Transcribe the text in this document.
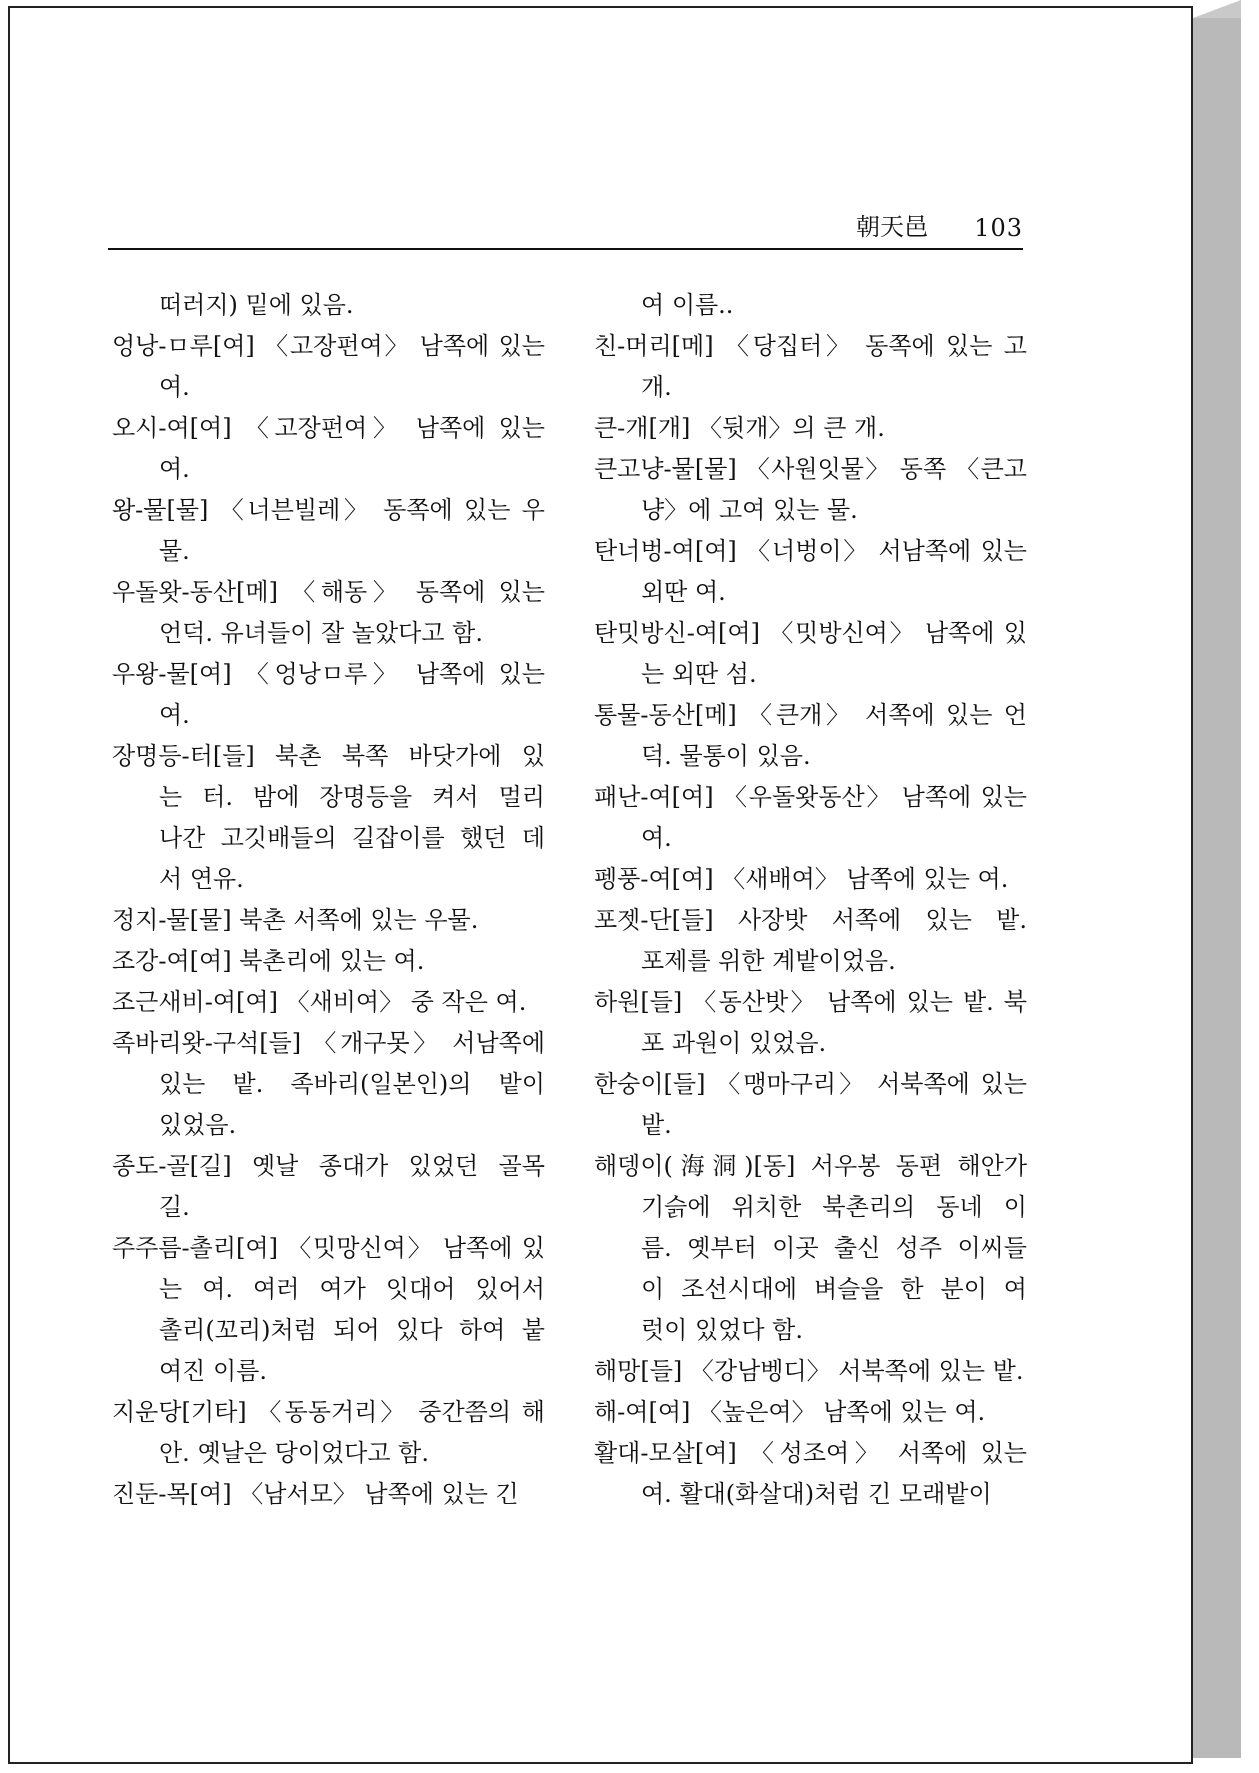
朝天邑 103
떠러지) 밑에 있음.
엉낭-ㅁ루[여] 〈고장펀여〉 남쪽에 있는
여.
오시-여[여] 〈고장펀여〉 남쪽에 있는
여.
왕-물[물] 〈너븐빌레〉 동쪽에 있는 우
물.
우돌왓-동산[메] 〈해동〉 동쪽에 있는
언덕. 유녀들이 잘 놀았다고 함.
우왕-물[여] 〈엉낭ㅁ루〉 남쪽에 있는
여.
장명등-터[들] 북촌 북쪽 바닷가에 있
는 터. 밤에 장명등을 켜서 멀리
나간 고깃배들의 길잡이를 했던 데
서 연유.
정지-물[물] 북촌 서쪽에 있는 우물.
조강-여[여] 북촌리에 있는 여.
조근새비-여[여] 〈새비여〉 중 작은 여.
족바리왓-구석[들] 〈개구못〉 서남쪽에
있는 밭. 족바리(일본인)의 밭이
있었음.
종도-골[길] 옛날 종대가 있었던 골목
길.
주주름-촐리[여] 〈밋망신여〉 남쪽에 있
는 여. 여러 여가 잇대어 있어서
촐리(꼬리)처럼 되어 있다 하여 붙
여진 이름.
지운당[기타] 〈동동거리〉 중간쯤의 해
안. 옛날은 당이었다고 함.
진둔-목[여] 〈남서모〉 남쪽에 있는 긴
여 이름..
친-머리[메] 〈당집터〉 동쪽에 있는 고
개.
큰-개[개] 〈뒷개〉의 큰 개.
큰고냥-물[물] 〈사원잇물〉 동쪽 〈큰고
냥〉에 고여 있는 물.
탄너벙-여[여] 〈너벙이〉 서남쪽에 있는
외딴 여.
탄밋방신-여[여] 〈밋방신여〉 남쪽에 있
는 외딴 섬.
통물-동산[메] 〈큰개〉 서쪽에 있는 언
덕. 물통이 있음.
패난-여[여] 〈우돌왓동산〉 남쪽에 있는
여.
펭풍-여[여] 〈새배여〉 남쪽에 있는 여.
포젯-단[들] 사장밧 서쪽에 있는 밭.
포제를 위한 계밭이었음.
하원[들] 〈동산밧〉 남쪽에 있는 밭. 북
포 과원이 있었음.
한숭이[들] 〈맹마구리〉 서북쪽에 있는
밭.
해뎅이(海洞)[동] 서우봉 동편 해안가
기슭에 위치한 북촌리의 동네 이
름. 옛부터 이곳 출신 성주 이씨들
이 조선시대에 벼슬을 한 분이 여
럿이 있었다 함.
해망[들] 〈강남벵디〉 서북쪽에 있는 밭.
해-여[여] 〈높은여〉 남쪽에 있는 여.
활대-모살[여] 〈성조여〉 서쪽에 있는
여. 활대(화살대)처럼 긴 모래밭이
